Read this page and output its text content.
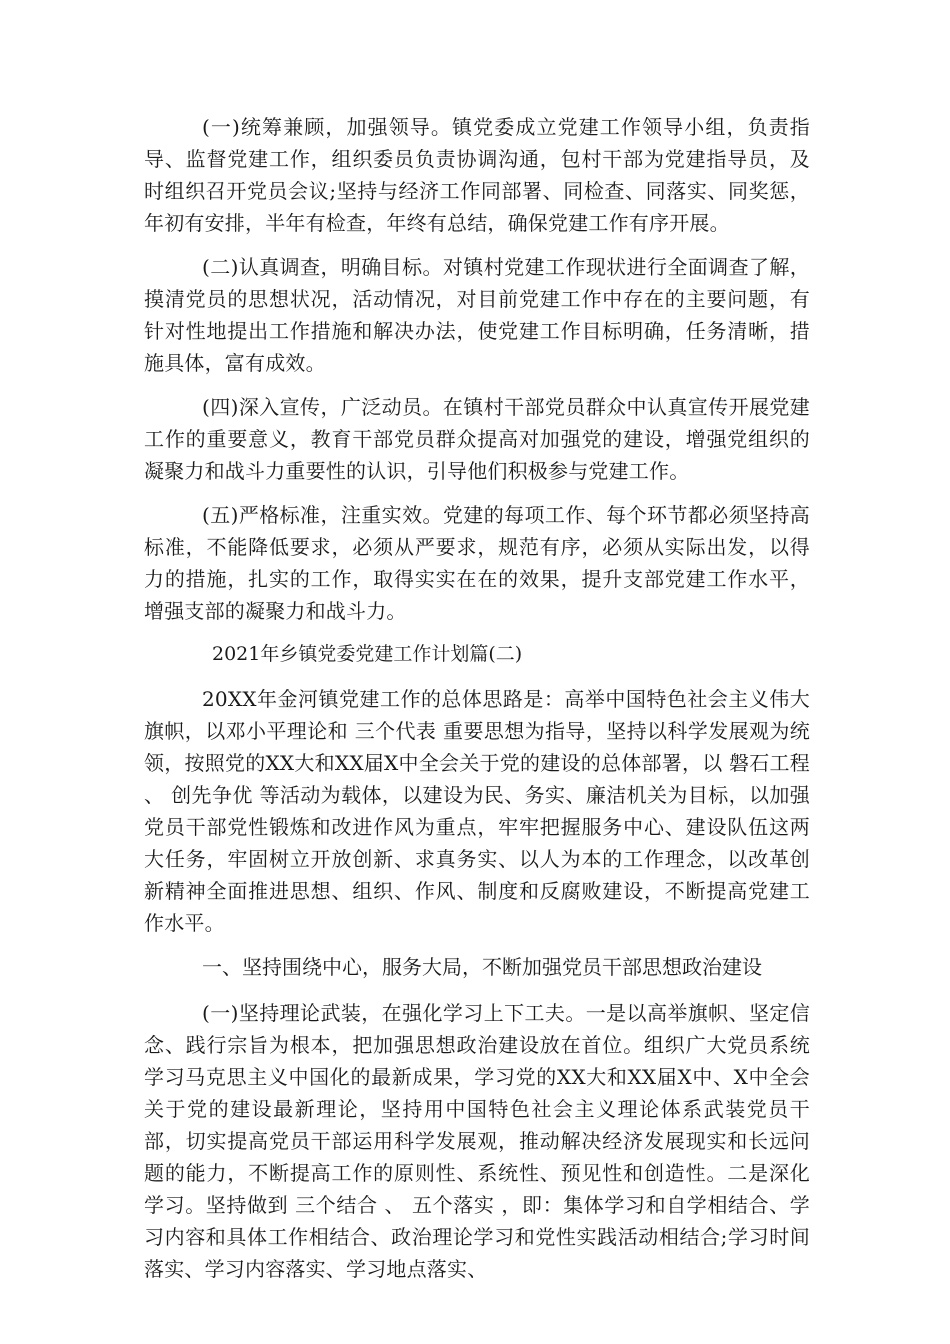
(一)统筹兼顾，加强领导。镇党委成立党建工作领导小组，负责指导、监督党建工作，组织委员负责协调沟通，包村干部为党建指导员，及时组织召开党员会议;坚持与经济工作同部署、同检查、同落实、同奖惩，年初有安排，半年有检查，年终有总结，确保党建工作有序开展。

(二)认真调查，明确目标。对镇村党建工作现状进行全面调查了解，摸清党员的思想状况，活动情况，对目前党建工作中存在的主要问题，有针对性地提出工作措施和解决办法，使党建工作目标明确，任务清晰，措施具体，富有成效。

(四)深入宣传，广泛动员。在镇村干部党员群众中认真宣传开展党建工作的重要意义，教育干部党员群众提高对加强党的建设，增强党组织的凝聚力和战斗力重要性的认识，引导他们积极参与党建工作。

(五)严格标准，注重实效。党建的每项工作、每个环节都必须坚持高标准，不能降低要求，必须从严要求，规范有序，必须从实际出发，以得力的措施，扎实的工作，取得实实在在的效果，提升支部党建工作水平，增强支部的凝聚力和战斗力。

2021年乡镇党委党建工作计划篇(二)

20XX年金河镇党建工作的总体思路是：高举中国特色社会主义伟大旗帜，以邓小平理论和 三个代表 重要思想为指导，坚持以科学发展观为统领，按照党的XX大和XX届X中全会关于党的建设的总体部署，以 磐石工程 、 创先争优 等活动为载体，以建设为民、务实、廉洁机关为目标，以加强党员干部党性锻炼和改进作风为重点，牢牢把握服务中心、建设队伍这两大任务，牢固树立开放创新、求真务实、以人为本的工作理念，以改革创新精神全面推进思想、组织、作风、制度和反腐败建设，不断提高党建工作水平。

一、坚持围绕中心，服务大局，不断加强党员干部思想政治建设

(一)坚持理论武装，在强化学习上下工夫。一是以高举旗帜、坚定信念、践行宗旨为根本，把加强思想政治建设放在首位。组织广大党员系统学习马克思主义中国化的最新成果，学习党的XX大和XX届X中、X中全会关于党的建设最新理论，坚持用中国特色社会主义理论体系武装党员干部，切实提高党员干部运用科学发展观，推动解决经济发展现实和长远问题的能力，不断提高工作的原则性、系统性、预见性和创造性。二是深化学习。坚持做到 三个结合 、 五个落实 ，即：集体学习和自学相结合、学习内容和具体工作相结合、政治理论学习和党性实践活动相结合;学习时间落实、学习内容落实、学习地点落实、
